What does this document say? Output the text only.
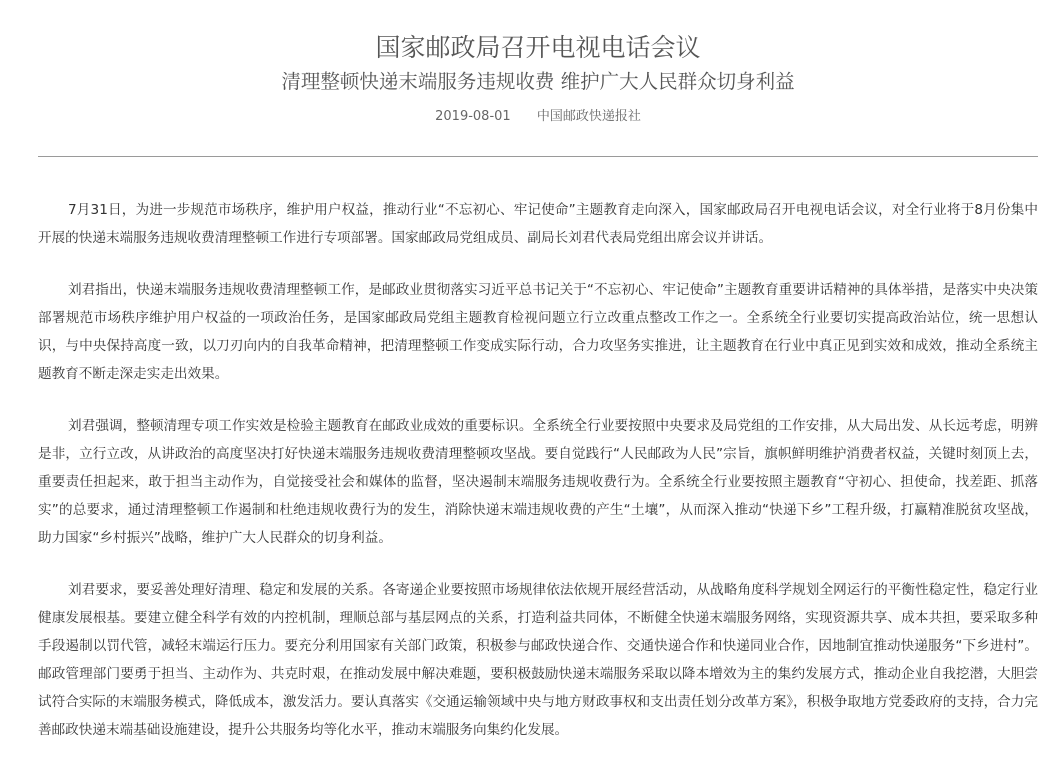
国家邮政局召开电视电话会议
清理整顿快递末端服务违规收费 维护广大人民群众切身利益
2019-08-01 中国邮政快递报社

7月31日，为进一步规范市场秩序，维护用户权益，推动行业“不忘初心、牢记使命”主题教育走向深入，国家邮政局召开电视电话会议，对全行业将于8月份集中开展的快递末端服务违规收费清理整顿工作进行专项部署。国家邮政局党组成员、副局长刘君代表局党组出席会议并讲话。

刘君指出，快递末端服务违规收费清理整顿工作，是邮政业贯彻落实习近平总书记关于“不忘初心、牢记使命”主题教育重要讲话精神的具体举措，是落实中央决策部署规范市场秩序维护用户权益的一项政治任务，是国家邮政局党组主题教育检视问题立行立改重点整改工作之一。全系统全行业要切实提高政治站位，统一思想认识，与中央保持高度一致，以刀刃向内的自我革命精神，把清理整顿工作变成实际行动，合力攻坚务实推进，让主题教育在行业中真正见到实效和成效，推动全系统主题教育不断走深走实走出效果。

刘君强调，整顿清理专项工作实效是检验主题教育在邮政业成效的重要标识。全系统全行业要按照中央要求及局党组的工作安排，从大局出发、从长远考虑，明辨是非，立行立改，从讲政治的高度坚决打好快递末端服务违规收费清理整顿攻坚战。要自觉践行“人民邮政为人民”宗旨，旗帜鲜明维护消费者权益，关键时刻顶上去，重要责任担起来，敢于担当主动作为，自觉接受社会和媒体的监督，坚决遏制末端服务违规收费行为。全系统全行业要按照主题教育“守初心、担使命，找差距、抓落实”的总要求，通过清理整顿工作遏制和杜绝违规收费行为的发生，消除快递末端违规收费的产生“土壤”，从而深入推动“快递下乡”工程升级，打赢精准脱贫攻坚战，助力国家“乡村振兴”战略，维护广大人民群众的切身利益。

刘君要求，要妥善处理好清理、稳定和发展的关系。各寄递企业要按照市场规律依法依规开展经营活动，从战略角度科学规划全网运行的平衡性稳定性，稳定行业健康发展根基。要建立健全科学有效的内控机制，理顺总部与基层网点的关系，打造利益共同体，不断健全快递末端服务网络，实现资源共享、成本共担，要采取多种手段遏制以罚代管，减轻末端运行压力。要充分利用国家有关部门政策，积极参与邮政快递合作、交通快递合作和快递同业合作，因地制宜推动快递服务“下乡进村”。邮政管理部门要勇于担当、主动作为、共克时艰，在推动发展中解决难题，要积极鼓励快递末端服务采取以降本增效为主的集约发展方式，推动企业自我挖潜，大胆尝试符合实际的末端服务模式，降低成本，激发活力。要认真落实《交通运输领域中央与地方财政事权和支出责任划分改革方案》，积极争取地方党委政府的支持，合力完善邮政快递末端基础设施建设，提升公共服务均等化水平，推动末端服务向集约化发展。
